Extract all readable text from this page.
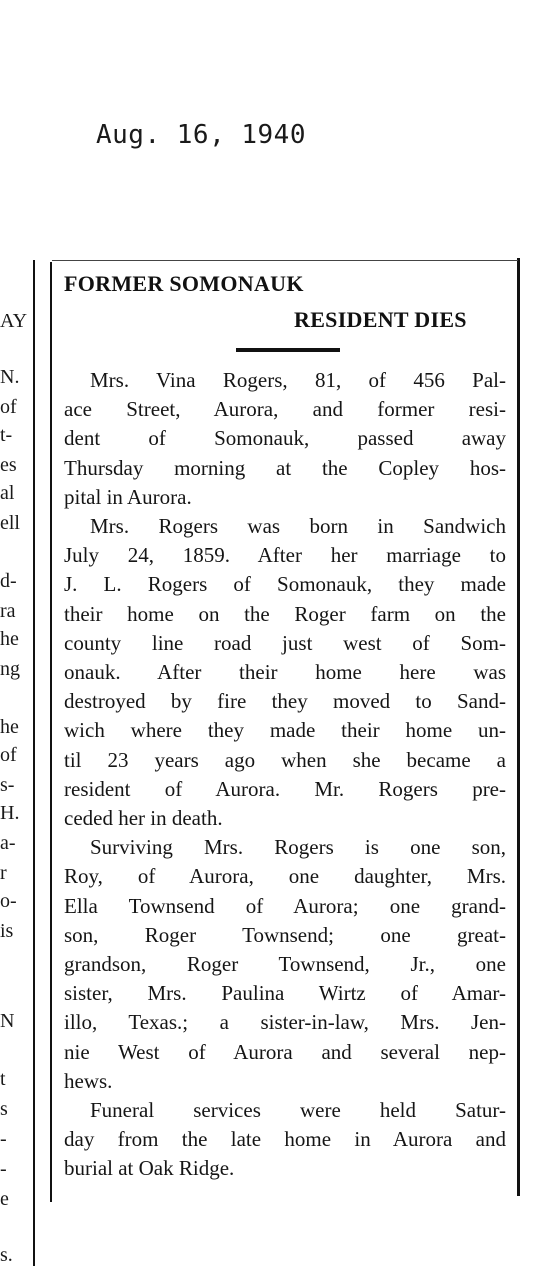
Aug. 16, 1940
AY
N.
of
t-
es
al
ell
d-
ra
he
ng
he
of
s-
H.
a-
r
o-
is
N
t
s
-
-
e
s.
FORMER SOMONAUK
RESIDENT DIES
Mrs. Vina Rogers, 81, of 456 Pal-
ace Street, Aurora, and former resi-
dent of Somonauk, passed away
Thursday morning at the Copley hos-
pital in Aurora.
Mrs. Rogers was born in Sandwich
July 24, 1859. After her marriage to
J. L. Rogers of Somonauk, they made
their home on the Roger farm on the
county line road just west of Som-
onauk. After their home here was
destroyed by fire they moved to Sand-
wich where they made their home un-
til 23 years ago when she became a
resident of Aurora. Mr. Rogers pre-
ceded her in death.
Surviving Mrs. Rogers is one son,
Roy, of Aurora, one daughter, Mrs.
Ella Townsend of Aurora; one grand-
son, Roger Townsend; one great-
grandson, Roger Townsend, Jr., one
sister, Mrs. Paulina Wirtz of Amar-
illo, Texas.; a sister-in-law, Mrs. Jen-
nie West of Aurora and several nep-
hews.
Funeral services were held Satur-
day from the late home in Aurora and
burial at Oak Ridge.
